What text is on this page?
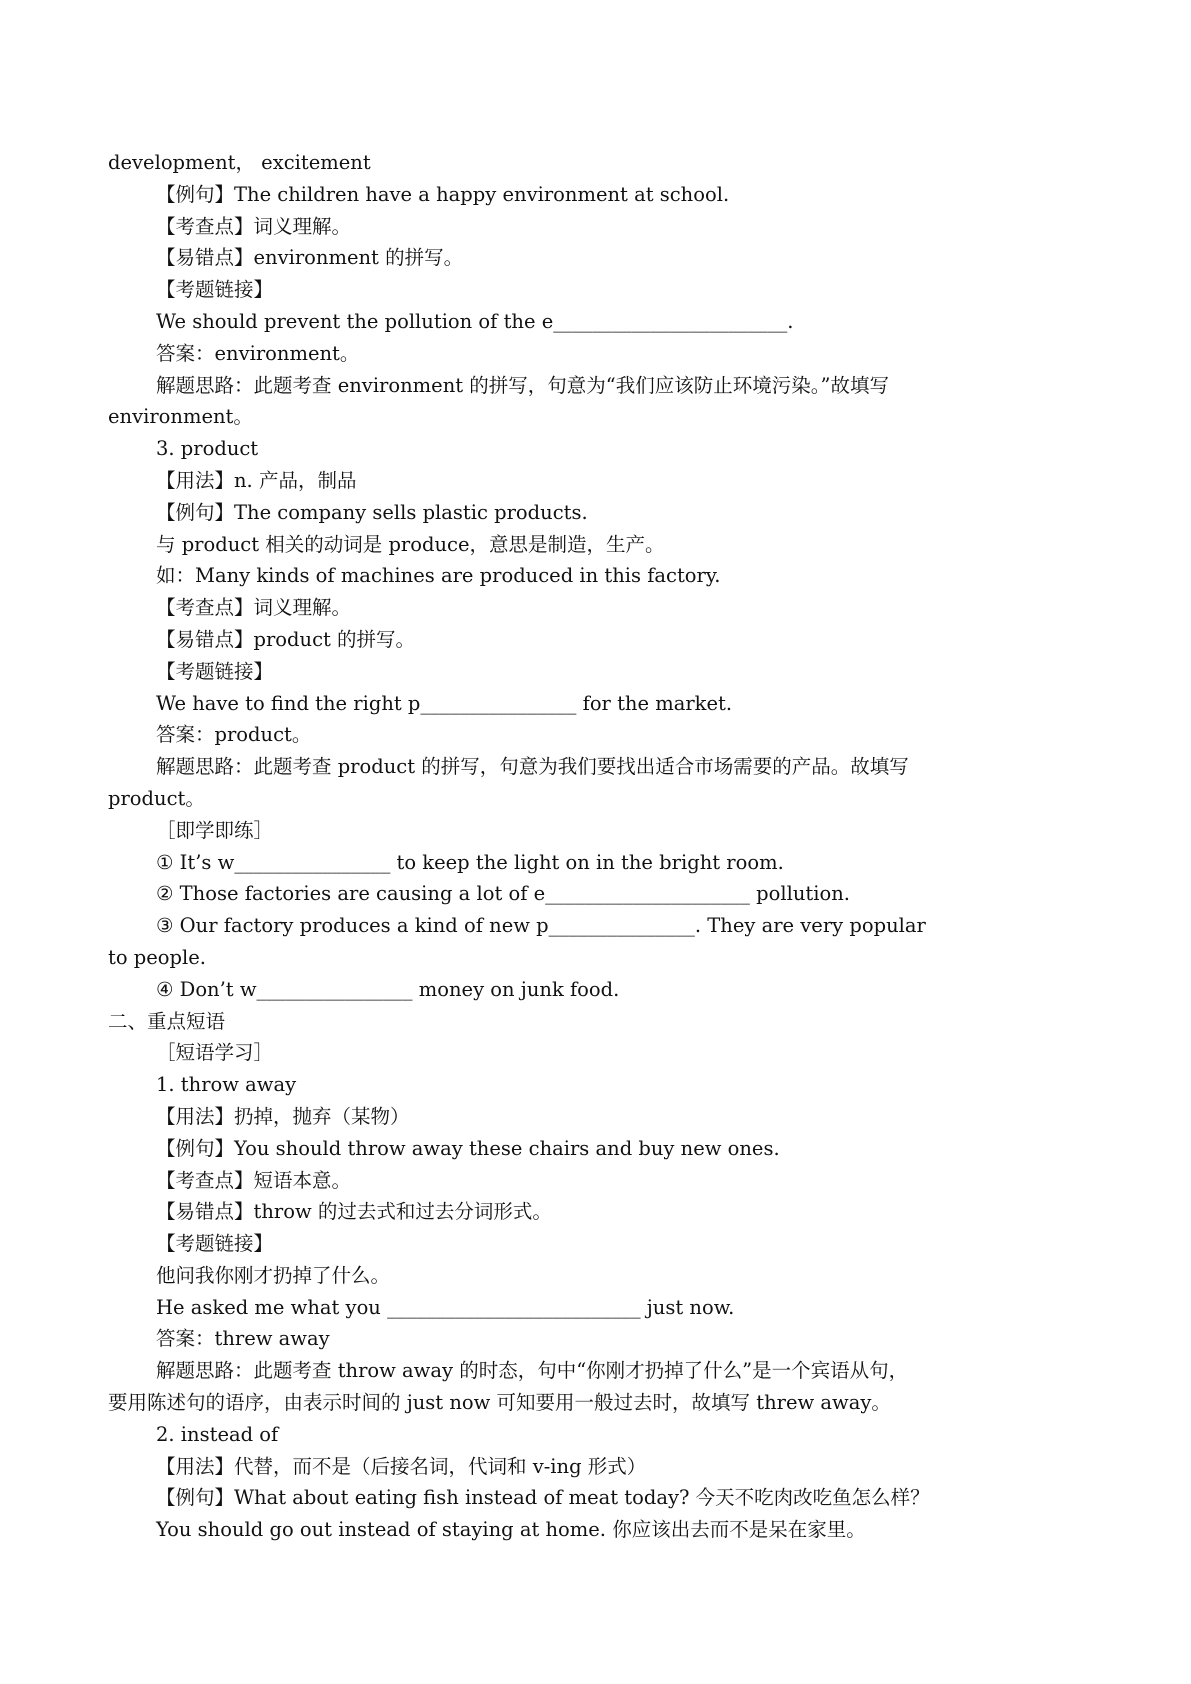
development， excitement
【例句】The children have a happy environment at school.
【考查点】词义理解。
【易错点】environment 的拼写。
【考题链接】
We should prevent the pollution of the e________________________.
答案：environment。
解题思路：此题考查 environment 的拼写，句意为“我们应该防止环境污染。”故填写
environment。
3. product
【用法】n. 产品，制品
【例句】The company sells plastic products.
与 product 相关的动词是 produce，意思是制造，生产。
如：Many kinds of machines are produced in this factory.
【考查点】词义理解。
【易错点】product 的拼写。
【考题链接】
We have to find the right p________________ for the market.
答案：product。
解题思路：此题考查 product 的拼写，句意为我们要找出适合市场需要的产品。故填写
product。
［即学即练］
① It’s w________________ to keep the light on in the bright room.
② Those factories are causing a lot of e_____________________ pollution.
③ Our factory produces a kind of new p_______________. They are very popular
to people.
④ Don’t w________________ money on junk food.
二、重点短语
［短语学习］
1. throw away
【用法】扔掉，抛弃（某物）
【例句】You should throw away these chairs and buy new ones.
【考查点】短语本意。
【易错点】throw 的过去式和过去分词形式。
【考题链接】
他问我你刚才扔掉了什么。
He asked me what you __________________________ just now.
答案：threw away
解题思路：此题考查 throw away 的时态，句中“你刚才扔掉了什么”是一个宾语从句，
要用陈述句的语序，由表示时间的 just now 可知要用一般过去时，故填写 threw away。
2. instead of
【用法】代替，而不是（后接名词，代词和 v-ing 形式）
【例句】What about eating fish instead of meat today? 今天不吃肉改吃鱼怎么样？
You should go out instead of staying at home. 你应该出去而不是呆在家里。
